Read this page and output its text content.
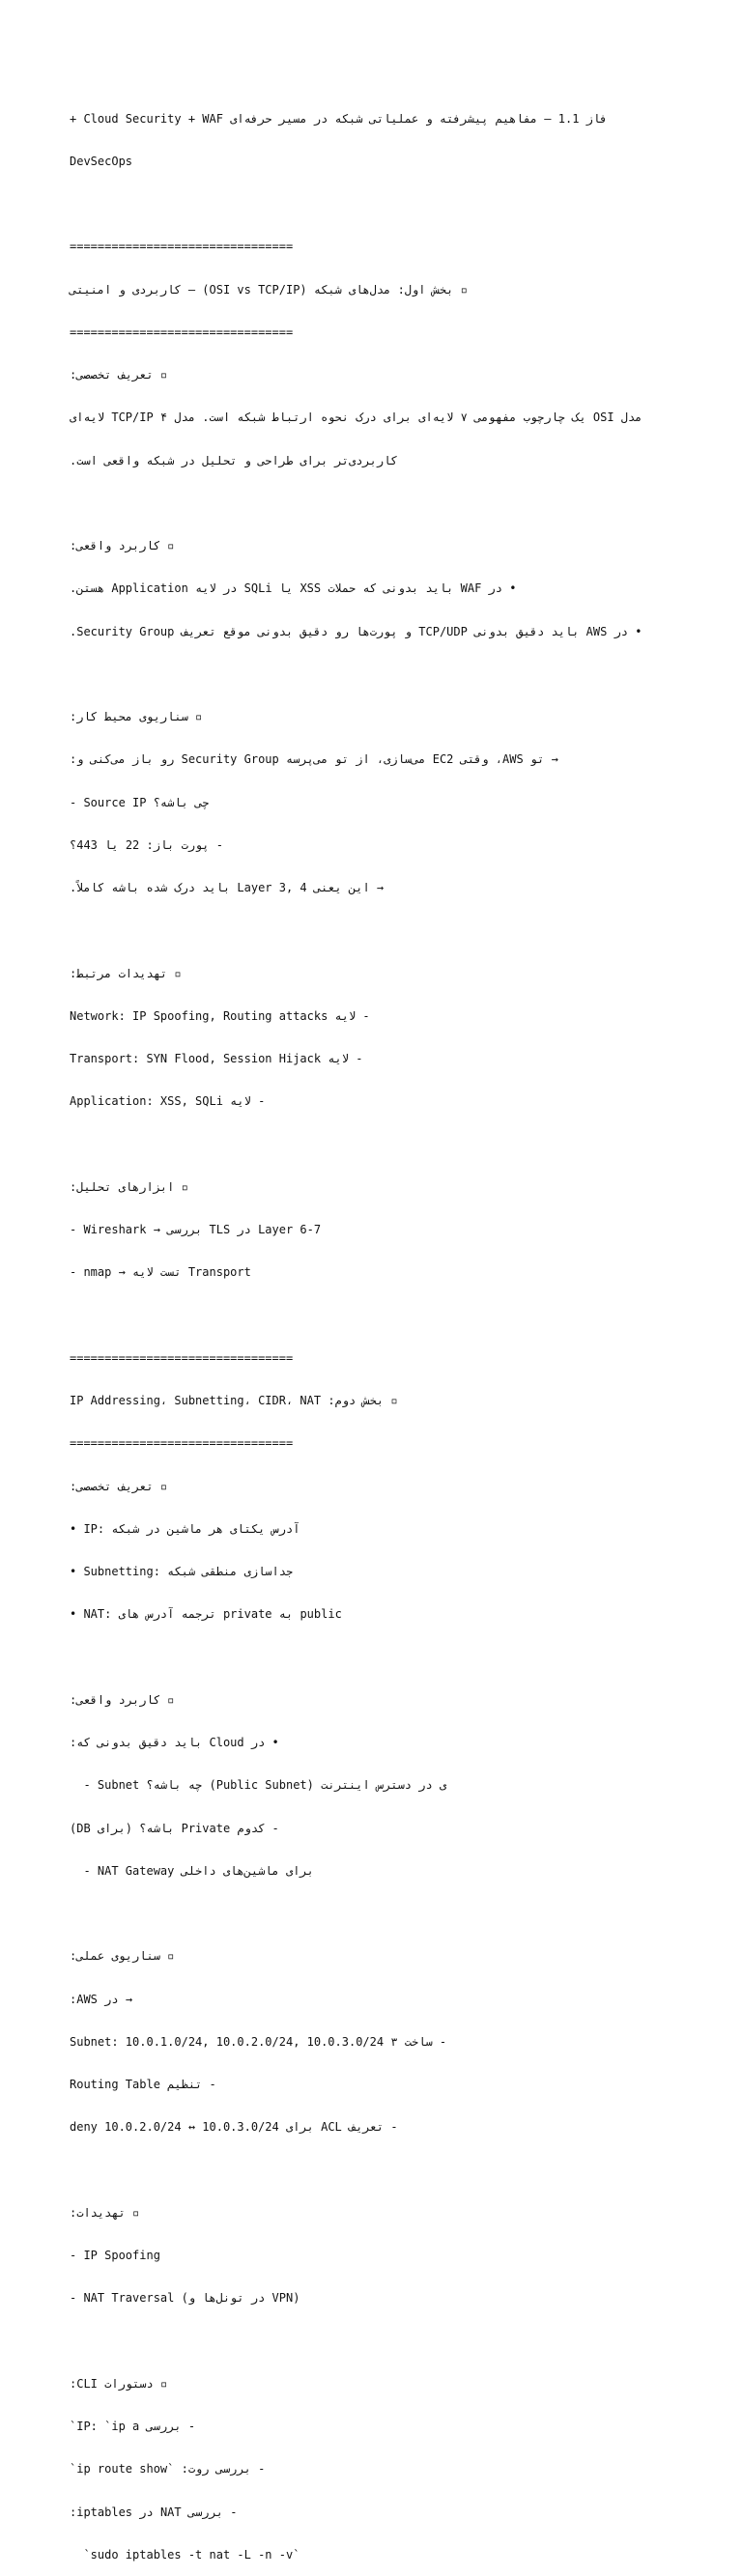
فاز 1.1 — مفاهیم پیشرفته و عملیاتی شبکه در مسیر حرفه‌ای Cloud Security + WAF +

DevSecOps

================================

▫ بخش اول: مدل‌های شبکه (OSI vs TCP/IP) — کاربردی و امنیتی

================================

▫ تعریف تخصصی:

مدل OSI یک چارچوب مفهومی ۷ لایه‌ای برای درک نحوه ارتباط شبکه است. مدل TCP/IP ۴ لایه‌ای

کاربردی‌تر برای طراحی و تحلیل در شبکه واقعی است.

▫ کاربرد واقعی:

• در WAF باید بدونی که حملات XSS یا SQLi در لایه Application هستن.

• در AWS باید دقیق بدونی TCP/UDP و پورت‌ها رو دقیق بدونی موقع تعریف Security Group.

▫ سناریوی محیط کار:

→ تو AWS، وقتی EC2 می‌سازی، از تو می‌پرسه Security Group رو باز می‌کنی و:

- Source IP چی باشه؟

- پورت باز: 22 یا 443؟

→ این یعنی Layer 3, 4 باید درک شده باشه کاملاً.

▫ تهدیدات مرتبط:

- لایه Network: IP Spoofing, Routing attacks

- لایه Transport: SYN Flood, Session Hijack

- لایه Application: XSS, SQLi

▫ ابزارهای تحلیل:

- Wireshark → بررسی TLS در Layer 6-7

- nmap → تست لایه Transport

================================

▫ بخش دوم: IP Addressing، Subnetting، CIDR، NAT

================================

▫ تعریف تخصصی:

• IP: آدرس یکتای هر ماشین در شبکه

• Subnetting: جداسازی منطقی شبکه

• NAT: ترجمه آدرس های private به public

▫ کاربرد واقعی:

• در Cloud باید دقیق بدونی که:

- Subnet چه باشه؟ (Public Subnet) ی در دسترس اینترنت

- کدوم Private باشه؟ (برای DB)

- NAT Gateway برای ماشین‌های داخلی

▫ سناریوی عملی:

→ در AWS:

- ساخت ۳ Subnet: 10.0.1.0/24, 10.0.2.0/24, 10.0.3.0/24

- تنظیم Routing Table

- تعریف ACL برای deny 10.0.2.0/24 ↔ 10.0.3.0/24

▫ تهدیدات:

- IP Spoofing

- NAT Traversal (در تونل‌ها و VPN)

▫ دستورات CLI:

- بررسی IP: `ip a`

- بررسی روت: `ip route show`

- بررسی NAT در iptables:

`sudo iptables -t nat -L -n -v`
